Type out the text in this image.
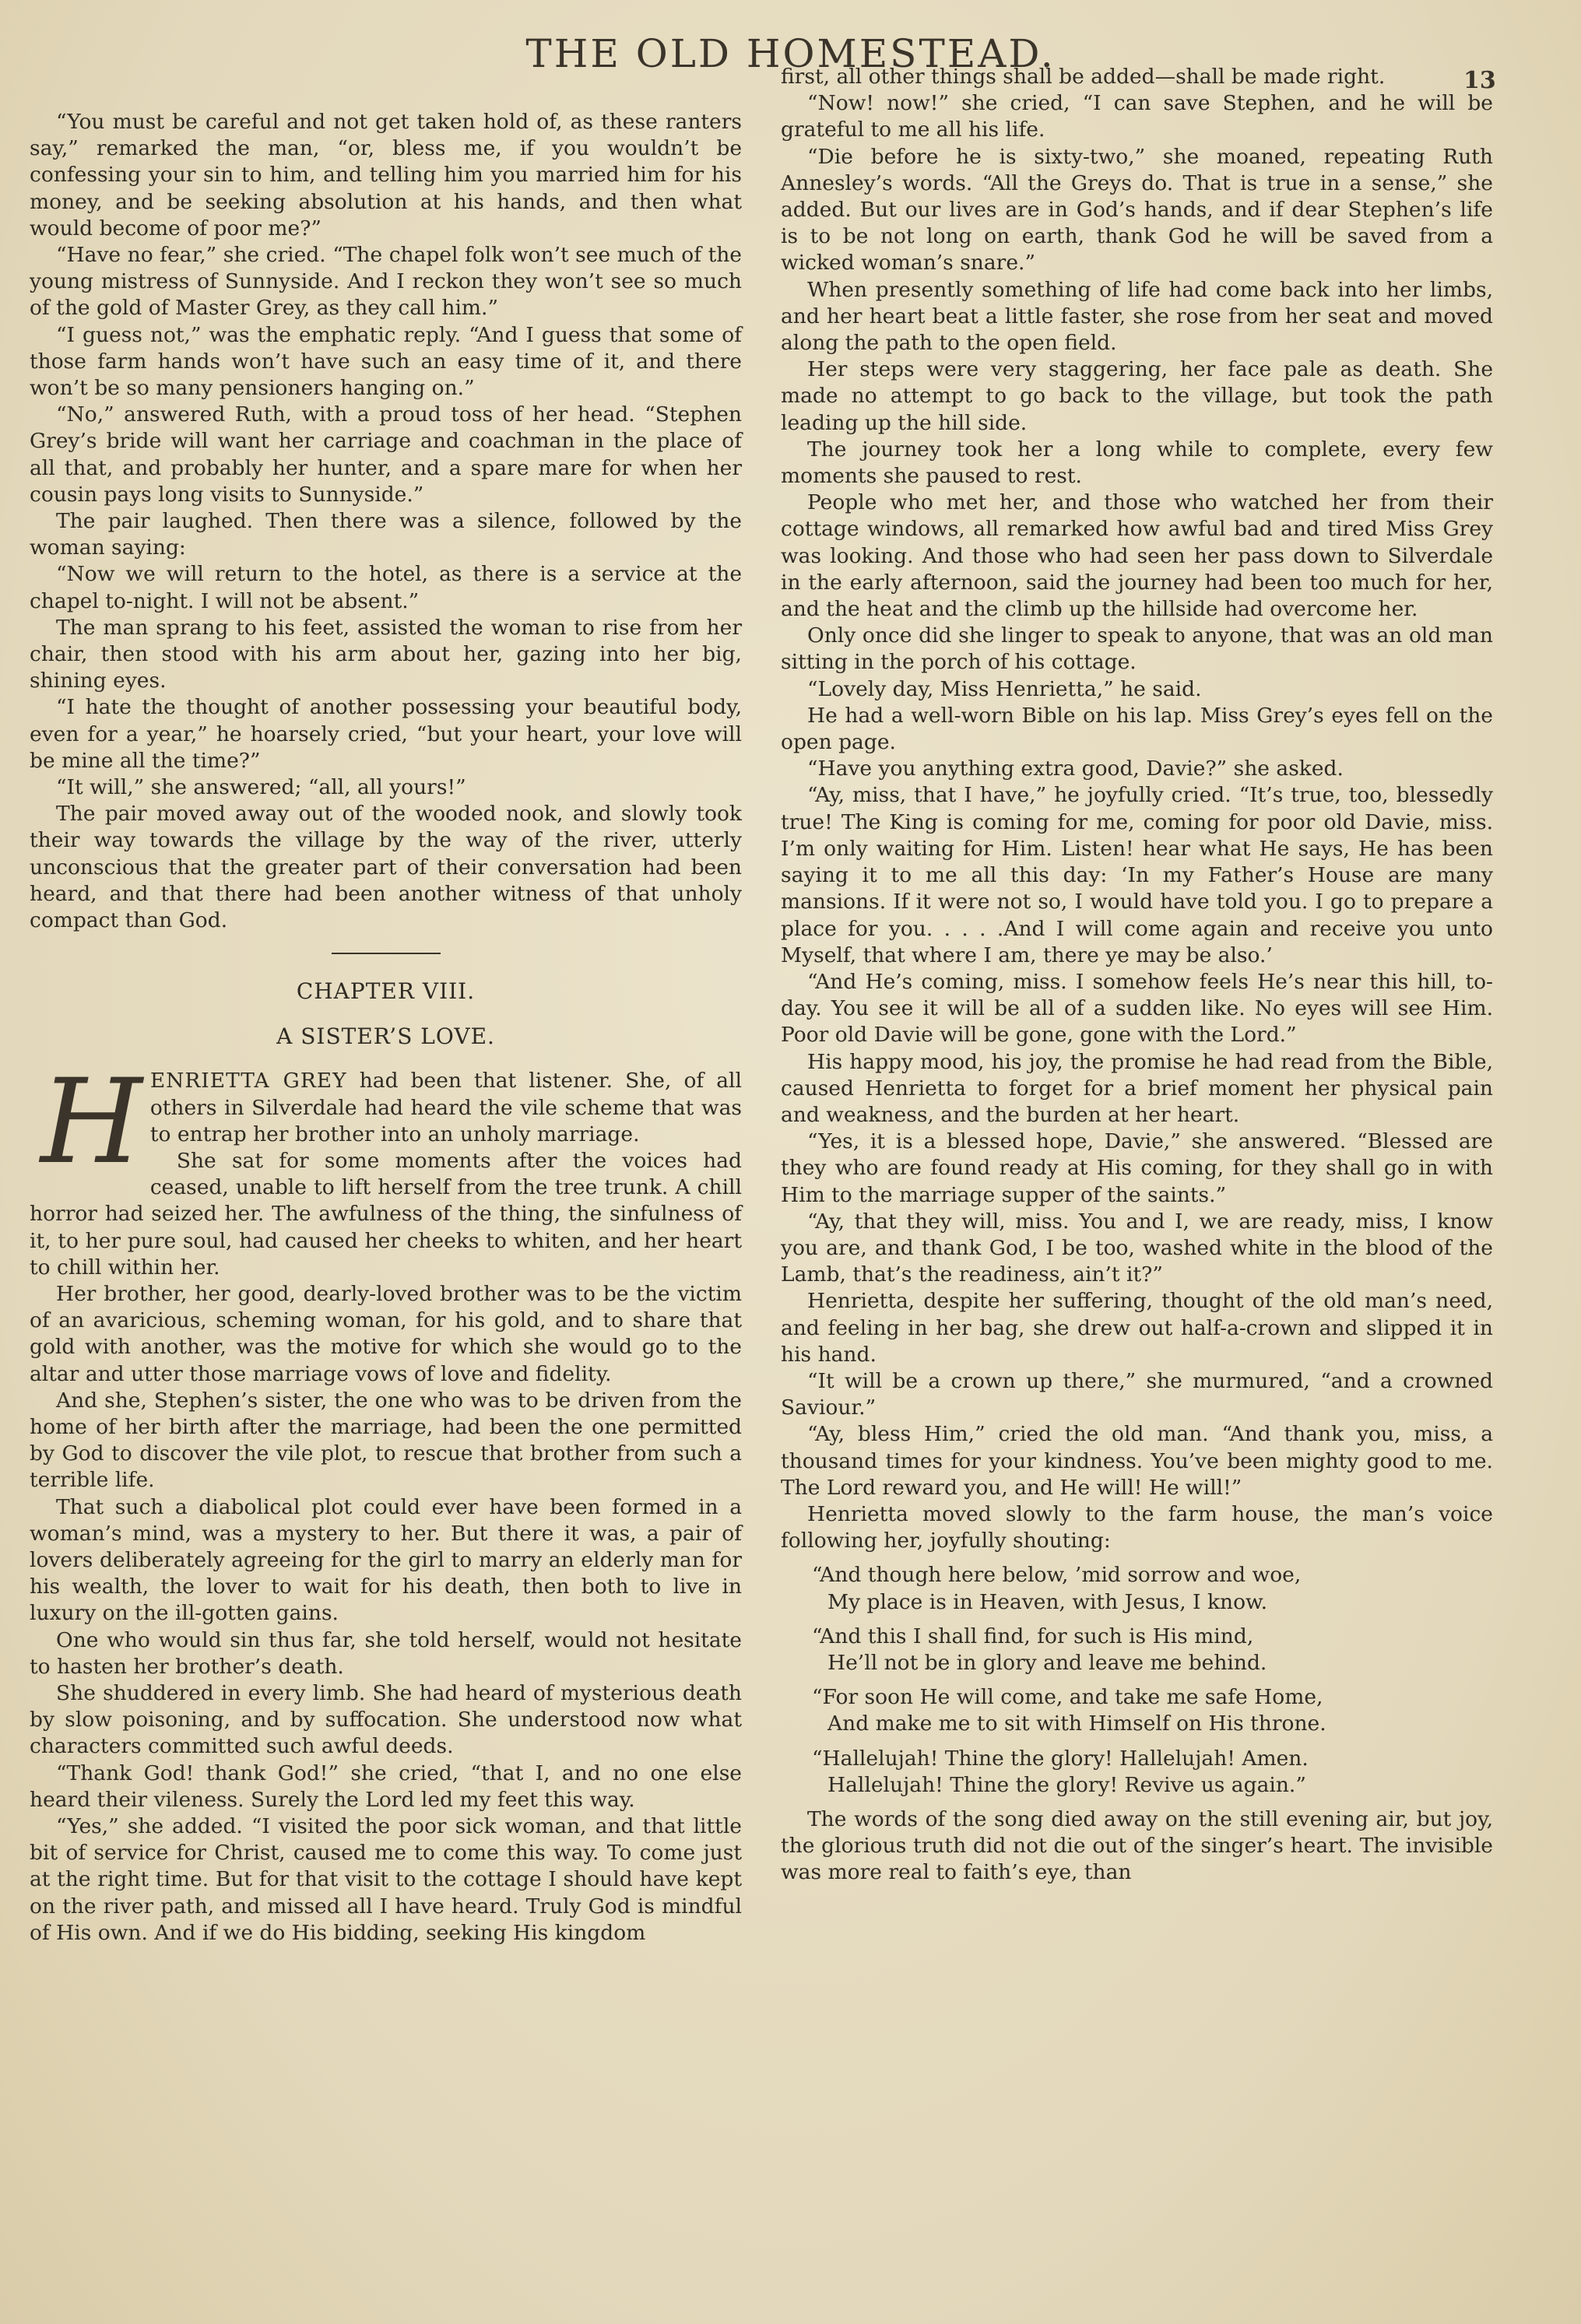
THE OLD HOMESTEAD.
13

“You must be careful and not get taken hold of, as these ranters say,” remarked the man, “or, bless me, if you wouldn’t be confessing your sin to him, and telling him you married him for his money, and be seeking absolution at his hands, and then what would become of poor me?”

“Have no fear,” she cried. “The chapel folk won’t see much of the young mistress of Sunnyside. And I reckon they won’t see so much of the gold of Master Grey, as they call him.”

“I guess not,” was the emphatic reply. “And I guess that some of those farm hands won’t have such an easy time of it, and there won’t be so many pensioners hanging on.”

“No,” answered Ruth, with a proud toss of her head. “Stephen Grey’s bride will want her carriage and coachman in the place of all that, and probably her hunter, and a spare mare for when her cousin pays long visits to Sunnyside.”

The pair laughed. Then there was a silence, followed by the woman saying:

“Now we will return to the hotel, as there is a service at the chapel to-night. I will not be absent.”

The man sprang to his feet, assisted the woman to rise from her chair, then stood with his arm about her, gazing into her big, shining eyes.

“I hate the thought of another possessing your beautiful body, even for a year,” he hoarsely cried, “but your heart, your love will be mine all the time?”

“It will,” she answered; “all, all yours!”

The pair moved away out of the wooded nook, and slowly took their way towards the village by the way of the river, utterly unconscious that the greater part of their conversation had been heard, and that there had been another witness of that unholy compact than God.

CHAPTER VIII.
A SISTER’S LOVE.

HENRIETTA GREY had been that listener. She, of all others in Silverdale had heard the vile scheme that was to entrap her brother into an unholy marriage.

She sat for some moments after the voices had ceased, unable to lift herself from the tree trunk. A chill horror had seized her. The awfulness of the thing, the sinfulness of it, to her pure soul, had caused her cheeks to whiten, and her heart to chill within her.

Her brother, her good, dearly-loved brother was to be the victim of an avaricious, scheming woman, for his gold, and to share that gold with another, was the motive for which she would go to the altar and utter those marriage vows of love and fidelity.

And she, Stephen’s sister, the one who was to be driven from the home of her birth after the marriage, had been the one permitted by God to discover the vile plot, to rescue that brother from such a terrible life.

That such a diabolical plot could ever have been formed in a woman’s mind, was a mystery to her. But there it was, a pair of lovers deliberately agreeing for the girl to marry an elderly man for his wealth, the lover to wait for his death, then both to live in luxury on the ill-gotten gains.

One who would sin thus far, she told herself, would not hesitate to hasten her brother’s death.

She shuddered in every limb. She had heard of mysterious death by slow poisoning, and by suffocation. She understood now what characters committed such awful deeds.

“Thank God! thank God!” she cried, “that I, and no one else heard their vileness. Surely the Lord led my feet this way.

“Yes,” she added. “I visited the poor sick woman, and that little bit of service for Christ, caused me to come this way. To come just at the right time. But for that visit to the cottage I should have kept on the river path, and missed all I have heard. Truly God is mindful of His own. And if we do His bidding, seeking His kingdom

first, all other things shall be added—shall be made right.

“Now! now!” she cried, “I can save Stephen, and he will be grateful to me all his life.

“Die before he is sixty-two,” she moaned, repeating Ruth Annesley’s words. “All the Greys do. That is true in a sense,” she added. But our lives are in God’s hands, and if dear Stephen’s life is to be not long on earth, thank God he will be saved from a wicked woman’s snare.”

When presently something of life had come back into her limbs, and her heart beat a little faster, she rose from her seat and moved along the path to the open field.

Her steps were very staggering, her face pale as death. She made no attempt to go back to the village, but took the path leading up the hill side.

The journey took her a long while to complete, every few moments she paused to rest.

People who met her, and those who watched her from their cottage windows, all remarked how awful bad and tired Miss Grey was looking. And those who had seen her pass down to Silverdale in the early afternoon, said the journey had been too much for her, and the heat and the climb up the hillside had overcome her.

Only once did she linger to speak to anyone, that was an old man sitting in the porch of his cottage.

“Lovely day, Miss Henrietta,” he said.

He had a well-worn Bible on his lap. Miss Grey’s eyes fell on the open page.

“Have you anything extra good, Davie?” she asked.

“Ay, miss, that I have,” he joyfully cried. “It’s true, too, blessedly true! The King is coming for me, coming for poor old Davie, miss. I’m only waiting for Him. Listen! hear what He says, He has been saying it to me all this day: ‘In my Father’s House are many mansions. If it were not so, I would have told you. I go to prepare a place for you. . . . .And I will come again and receive you unto Myself, that where I am, there ye may be also.’

“And He’s coming, miss. I somehow feels He’s near this hill, to-day. You see it will be all of a sudden like. No eyes will see Him. Poor old Davie will be gone, gone with the Lord.”

His happy mood, his joy, the promise he had read from the Bible, caused Henrietta to forget for a brief moment her physical pain and weakness, and the burden at her heart.

“Yes, it is a blessed hope, Davie,” she answered. “Blessed are they who are found ready at His coming, for they shall go in with Him to the marriage supper of the saints.”

“Ay, that they will, miss. You and I, we are ready, miss, I know you are, and thank God, I be too, washed white in the blood of the Lamb, that’s the readiness, ain’t it?”

Henrietta, despite her suffering, thought of the old man’s need, and feeling in her bag, she drew out half-a-crown and slipped it in his hand.

“It will be a crown up there,” she murmured, “and a crowned Saviour.”

“Ay, bless Him,” cried the old man. “And thank you, miss, a thousand times for your kindness. You’ve been mighty good to me. The Lord reward you, and He will! He will!”

Henrietta moved slowly to the farm house, the man’s voice following her, joyfully shouting:

“And though here below, ’mid sorrow and woe,
My place is in Heaven, with Jesus, I know.
“And this I shall find, for such is His mind,
He’ll not be in glory and leave me behind.
“For soon He will come, and take me safe Home,
And make me to sit with Himself on His throne.
“Hallelujah! Thine the glory! Hallelujah! Amen.
Hallelujah! Thine the glory! Revive us again.”

The words of the song died away on the still evening air, but joy, the glorious truth did not die out of the singer’s heart. The invisible was more real to faith’s eye, than
